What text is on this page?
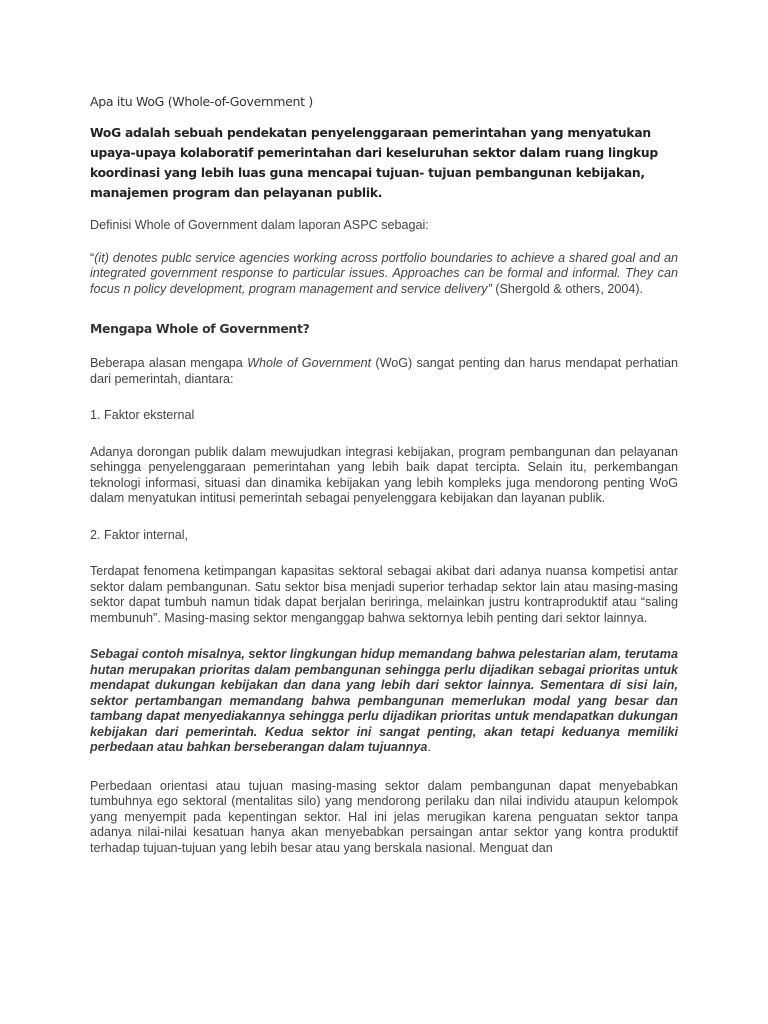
Apa itu WoG (Whole-of-Government )

WoG adalah sebuah pendekatan penyelenggaraan pemerintahan yang menyatukan upaya-upaya kolaboratif pemerintahan dari keseluruhan sektor dalam ruang lingkup koordinasi yang lebih luas guna mencapai tujuan- tujuan pembangunan kebijakan, manajemen program dan pelayanan publik.

Definisi Whole of Government dalam laporan ASPC sebagai:

“(it) denotes publc service agencies working across portfolio boundaries to achieve a shared goal and an integrated government response to particular issues. Approaches can be formal and informal. They can focus n policy development, program management and service delivery” (Shergold & others, 2004).

Mengapa Whole of Government?

Beberapa alasan mengapa Whole of Government (WoG) sangat penting dan harus mendapat perhatian dari pemerintah, diantara:

1. Faktor eksternal

Adanya dorongan publik dalam mewujudkan integrasi kebijakan, program pembangunan dan pelayanan sehingga penyelenggaraan pemerintahan yang lebih baik dapat tercipta. Selain itu, perkembangan teknologi informasi, situasi dan dinamika kebijakan yang lebih kompleks juga mendorong penting WoG dalam menyatukan intitusi pemerintah sebagai penyelenggara kebijakan dan layanan publik.

2. Faktor internal,

Terdapat fenomena ketimpangan kapasitas sektoral sebagai akibat dari adanya nuansa kompetisi antar sektor dalam pembangunan. Satu sektor bisa menjadi superior terhadap sektor lain atau masing-masing sektor dapat tumbuh namun tidak dapat berjalan beriringa, melainkan justru kontraproduktif atau “saling membunuh”. Masing-masing sektor menganggap bahwa sektornya lebih penting dari sektor lainnya.

Sebagai contoh misalnya, sektor lingkungan hidup memandang bahwa pelestarian alam, terutama hutan merupakan prioritas dalam pembangunan sehingga perlu dijadikan sebagai prioritas untuk mendapat dukungan kebijakan dan dana yang lebih dari sektor lainnya. Sementara di sisi lain, sektor pertambangan memandang bahwa pembangunan memerlukan modal yang besar dan tambang dapat menyediakannya sehingga perlu dijadikan prioritas untuk mendapatkan dukungan kebijakan dari pemerintah. Kedua sektor ini sangat penting, akan tetapi keduanya memiliki perbedaan atau bahkan berseberangan dalam tujuannya.

Perbedaan orientasi atau tujuan masing-masing sektor dalam pembangunan dapat menyebabkan tumbuhnya ego sektoral (mentalitas silo) yang mendorong perilaku dan nilai individu ataupun kelompok yang menyempit pada kepentingan sektor. Hal ini jelas merugikan karena penguatan sektor tanpa adanya nilai-nilai kesatuan hanya akan menyebabkan persaingan antar sektor yang kontra produktif terhadap tujuan-tujuan yang lebih besar atau yang berskala nasional. Menguat dan
